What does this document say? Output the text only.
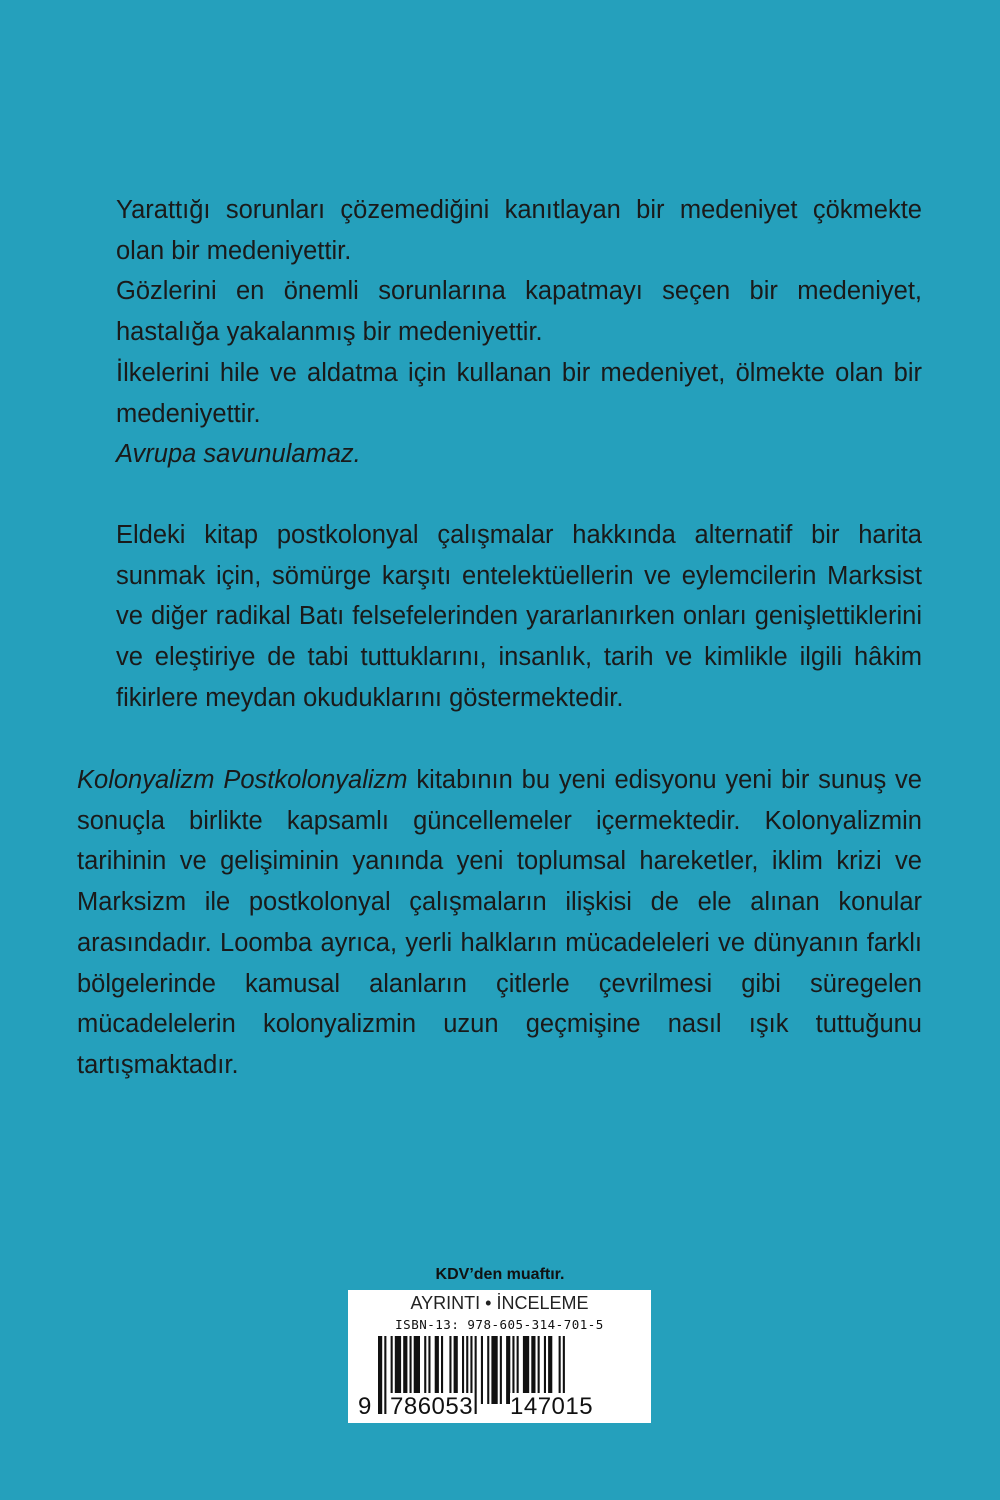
Yarattığı sorunları çözemediğini kanıtlayan bir medeniyet çökmekte olan bir medeniyettir.

Gözlerini en önemli sorunlarına kapatmayı seçen bir medeniyet, hastalığa yakalanmış bir medeniyettir.

İlkelerini hile ve aldatma için kullanan bir medeniyet, ölmekte olan bir medeniyettir.

Avrupa savunulamaz.

Eldeki kitap postkolonyal çalışmalar hakkında alternatif bir harita sunmak için, sömürge karşıtı entelektüellerin ve eylemcilerin Marksist ve diğer radikal Batı felsefelerinden yararlanırken onları genişlettiklerini ve eleştiriye de tabi tuttuklarını, insanlık, tarih ve kimlikle ilgili hâkim fikirlere meydan okuduklarını göstermektedir.

Kolonyalizm Postkolonyalizm kitabının bu yeni edisyonu yeni bir sunuş ve sonuçla birlikte kapsamlı güncellemeler içermektedir. Kolonyalizmin tarihinin ve gelişiminin yanında yeni toplumsal hareketler, iklim krizi ve Marksizm ile postkolonyal çalışmaların ilişkisi de ele alınan konular arasındadır. Loomba ayrıca, yerli halkların mücadeleleri ve dünyanın farklı bölgelerinde kamusal alanların çitlerle çevrilmesi gibi süregelen mücadelelerin kolonyalizmin uzun geçmişine nasıl ışık tuttuğunu tartışmaktadır.

KDV’den muaftır.
AYRINTI • İNCELEME
ISBN-13: 978-605-314-701-5
9 786053 147015
